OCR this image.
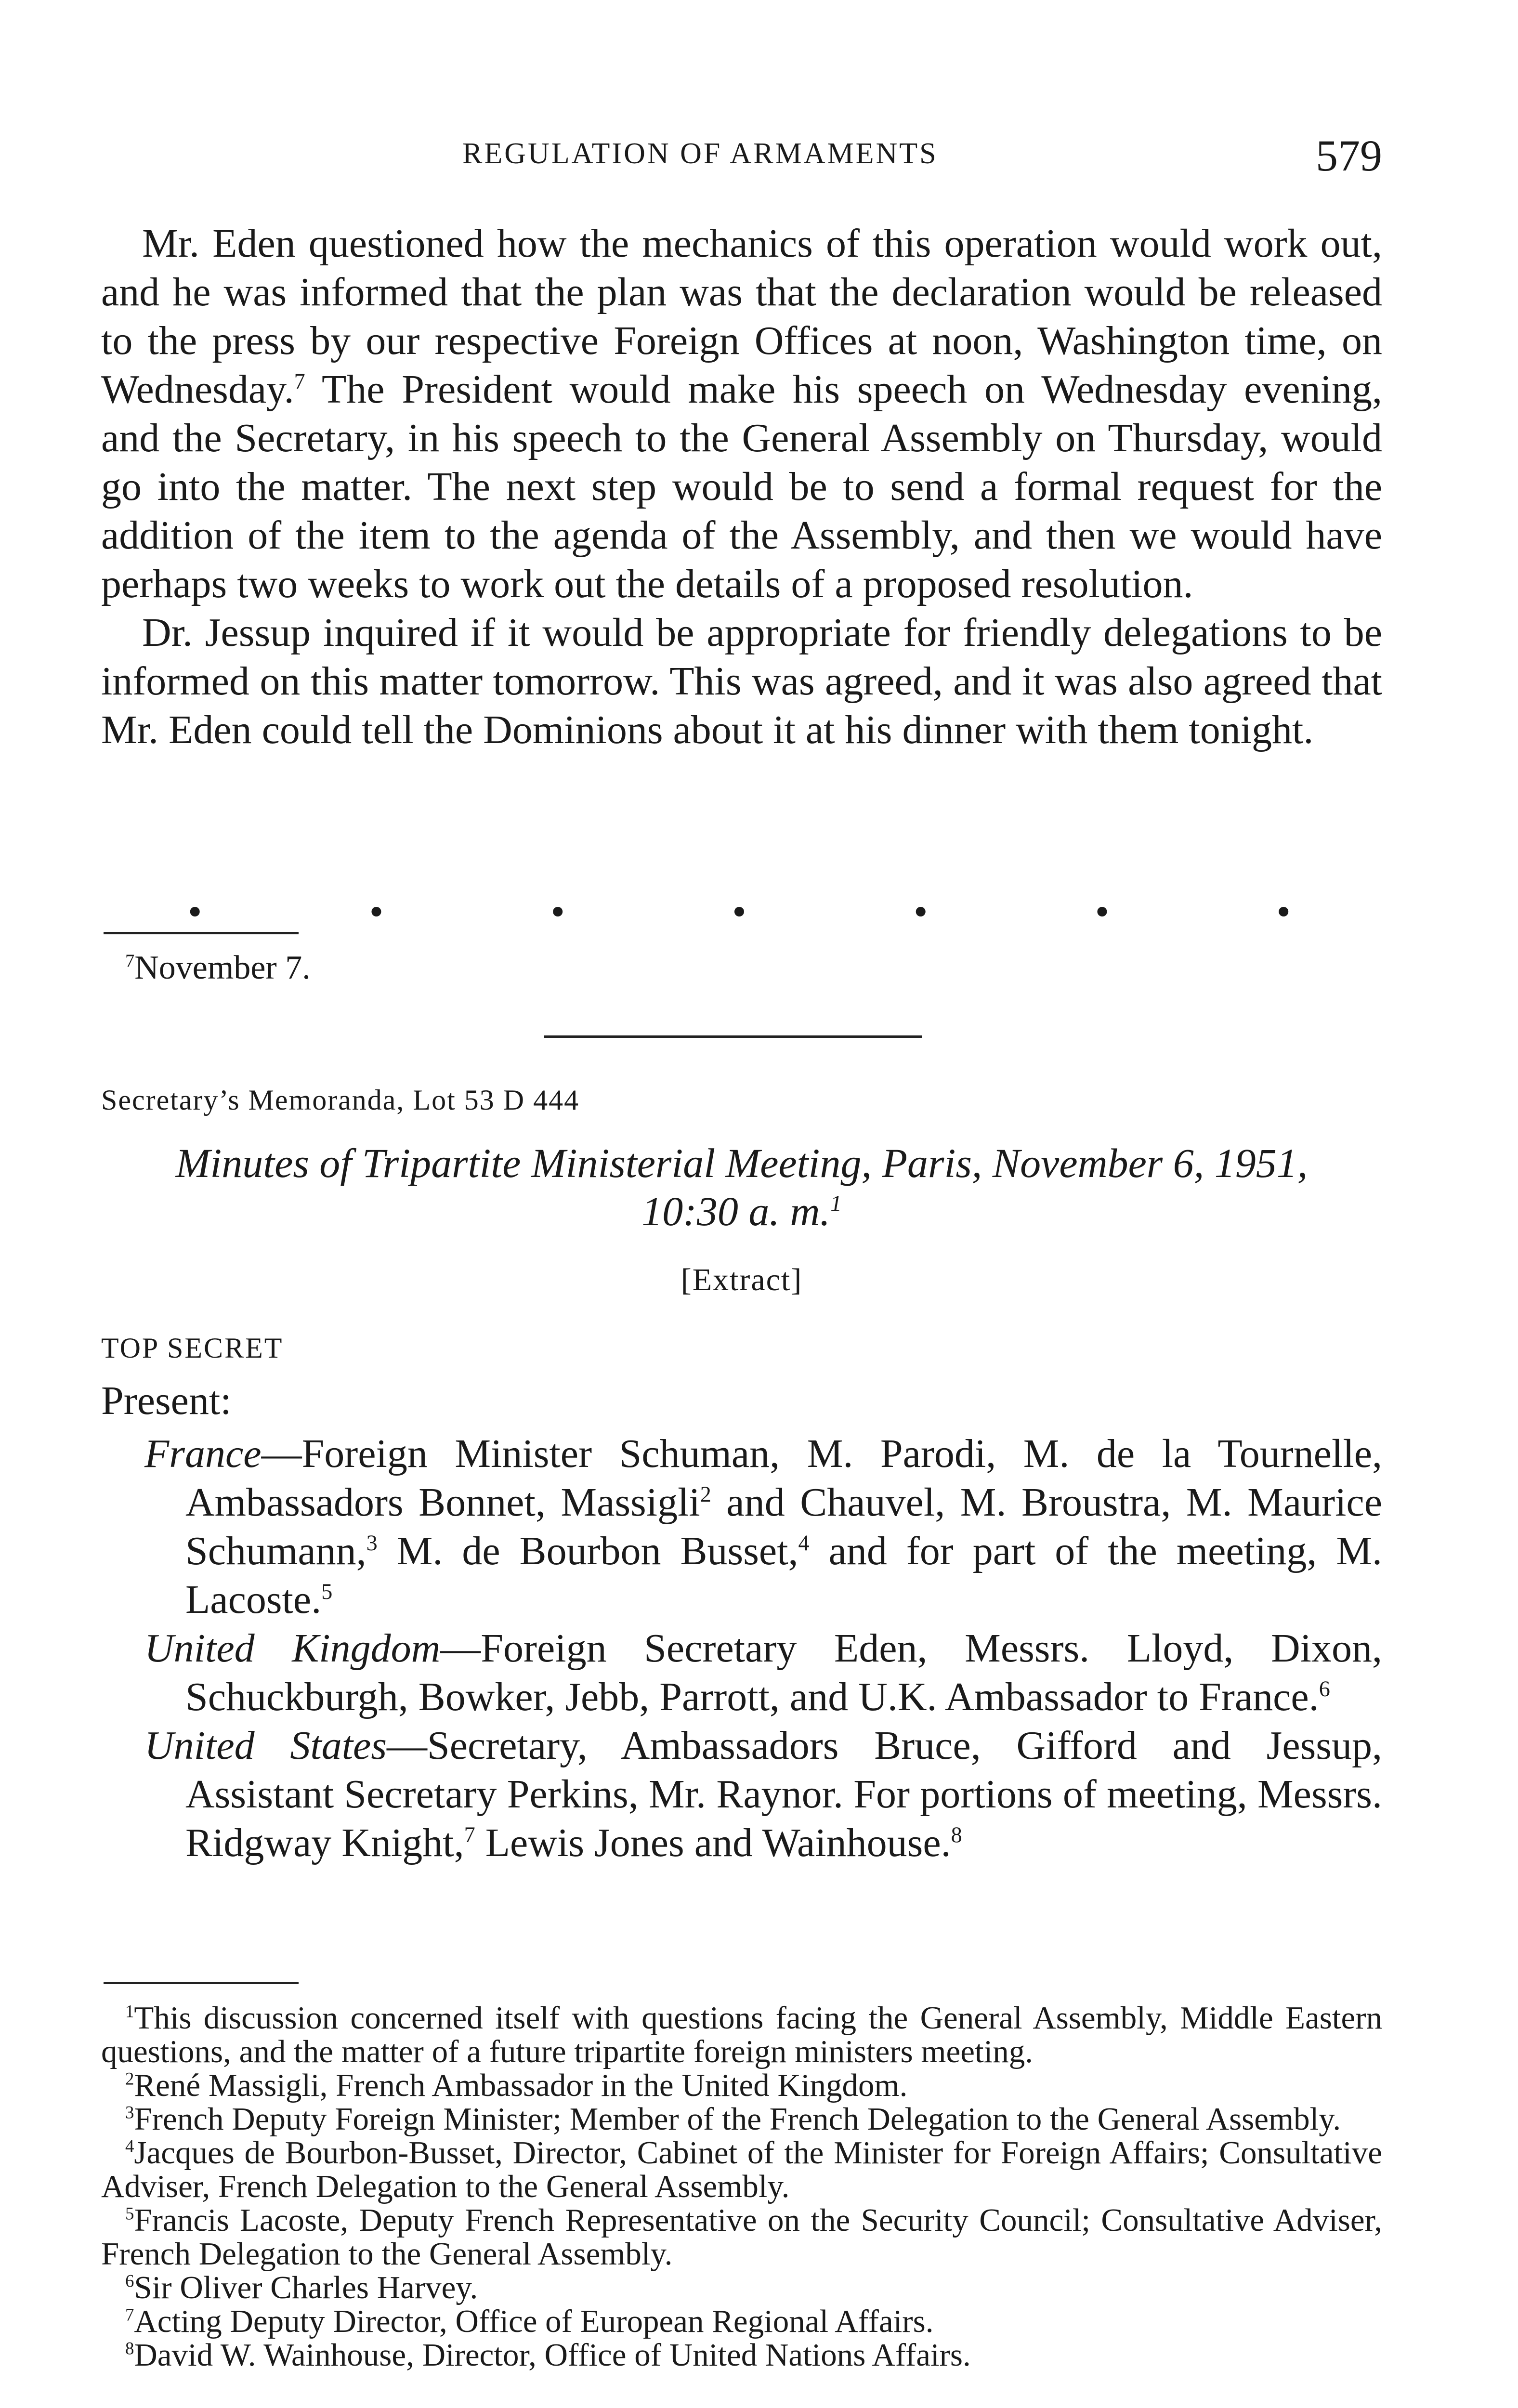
REGULATION OF ARMAMENTS	579

Mr. Eden questioned how the mechanics of this operation would work out, and he was informed that the plan was that the declaration would be released to the press by our respective Foreign Offices at noon, Washington time, on Wednesday.$^7$ The President would make his speech on Wednesday evening, and the Secretary, in his speech to the General Assembly on Thursday, would go into the matter. The next step would be to send a formal request for the addition of the item to the agenda of the Assembly, and then we would have perhaps two weeks to work out the details of a proposed resolution.

Dr. Jessup inquired if it would be appropriate for friendly delegations to be informed on this matter tomorrow. This was agreed, and it was also agreed that Mr. Eden could tell the Dominions about it at his dinner with them tonight.

•	•	•	•	•	•	•
$^7$November 7.
Secretary’s Memoranda, Lot 53 D 444
Minutes of Tripartite Ministerial Meeting, Paris, November 6, 1951,
10:30 a. m.$^1$
[Extract]
TOP SECRET
Present:

France—Foreign Minister Schuman, M. Parodi, M. de la Tournelle, Ambassadors Bonnet, Massigli$^2$ and Chauvel, M. Broustra, M. Maurice Schumann,$^3$ M. de Bourbon Busset,$^4$ and for part of the meeting, M. Lacoste.$^5$

United Kingdom—Foreign Secretary Eden, Messrs. Lloyd, Dixon, Schuckburgh, Bowker, Jebb, Parrott, and U.K. Ambassador to France.$^6$

United States—Secretary, Ambassadors Bruce, Gifford and Jessup, Assistant Secretary Perkins, Mr. Raynor. For portions of meeting, Messrs. Ridgway Knight,$^7$ Lewis Jones and Wainhouse.$^8$

$^1$This discussion concerned itself with questions facing the General Assembly, Middle Eastern questions, and the matter of a future tripartite foreign ministers meeting.

$^2$René Massigli, French Ambassador in the United Kingdom.

$^3$French Deputy Foreign Minister; Member of the French Delegation to the General Assembly.

$^4$Jacques de Bourbon-Busset, Director, Cabinet of the Minister for Foreign Affairs; Consultative Adviser, French Delegation to the General Assembly.

$^5$Francis Lacoste, Deputy French Representative on the Security Council; Consultative Adviser, French Delegation to the General Assembly.

$^6$Sir Oliver Charles Harvey.

$^7$Acting Deputy Director, Office of European Regional Affairs.

$^8$David W. Wainhouse, Director, Office of United Nations Affairs.
